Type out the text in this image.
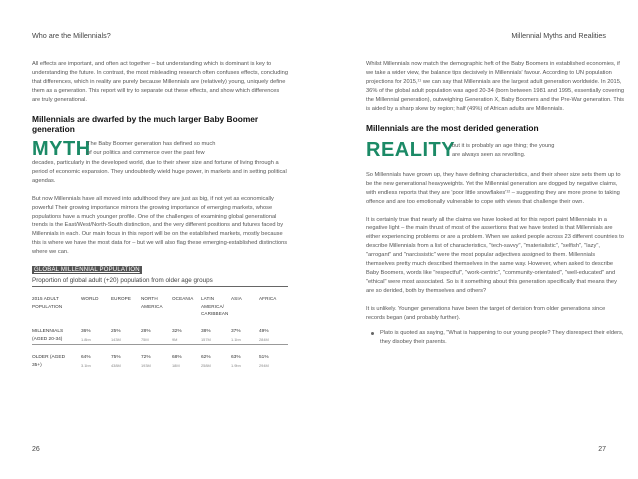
Who are the Millennials?

All effects are important, and often act together – but understanding which is dominant is key to understanding the future. In contrast, the most misleading research often confuses effects, concluding that differences, which in reality are purely because Millennials are (relatively) young, uniquely define them as a generation. This report will try to separate out these effects, and show which differences are truly generational.

Millennials are dwarfed by the much larger Baby Boomer generation
MYTH
The Baby Boomer generation has defined so much
of our politics and commerce over the past few

decades, particularly in the developed world, due to their sheer size and fortune of living through a period of economic expansion. They undoubtedly wield huge power, in markets and in setting political agendas.

But now Millennials have all moved into adulthood they are just as big, if not yet as economically powerful Their growing importance mirrors the growing importance of emerging markets, whose populations have a much younger profile. One of the challenges of examining global generational trends is the East/West/North-South distinction, and the very different positions and futures faced by Millennials in each. Our main focus in this report will be on the established markets, mostly because this is where we have the most data for – but we will also flag these emerging-established distinctions where we can.

GLOBAL MILLENNIAL POPULATION
Proportion of global adult (+20) population from older age groups
2015 ADULT	WORLD	EUROPE	NORTH	OCEANIA	LATIN	ASIA	AFRICA
POPULATION			AMERICA		AMERICA/		
					CARIBBEAN		

MILLENNIALS	36%	25%	28%	32%	38%	37%	49%
(AGED 20-34)	1.8bn	143M	75M	9M	157M	1.1bn	284M

OLDER (AGED	64%	75%	72%	68%	62%	63%	51%
35+)	3.1bn	438M	193M	18M	258M	1.9bn	294M
26
Millennial Myths and Realities

Whilst Millennials now match the demographic heft of the Baby Boomers in established economies, if we take a wider view, the balance tips decisively in Millennials' favour. According to UN population projections for 2015,¹¹ we can say that Millennials are the largest adult generation worldwide. In 2015, 36% of the global adult population was aged 20-34 (born between 1981 and 1995, essentially covering the Millennial generation), outweighing Generation X, Baby Boomers and the Pre-War generation. This is aided by a sharp skew by region; half (49%) of African adults are Millennials.

Millennials are the most derided generation
REALITY
but it is probably an age thing; the young
are always seen as revolting.

So Millennials have grown up, they have defining characteristics, and their sheer size sets them up to be the new generational heavyweights. Yet the Millennial generation are dogged by negative claims, with endless reports that they are 'poor little snowflakes'¹² – suggesting they are more prone to taking offence and are too emotionally vulnerable to cope with views that challenge their own.

It is certainly true that nearly all the claims we have looked at for this report paint Millennials in a negative light – the main thrust of most of the assertions that we have tested is that Millennials are either experiencing problems or are a problem. When we asked people across 23 different countries to describe Millennials from a list of characteristics, "tech-savvy", "materialistic", "selfish", "lazy", "arrogant" and "narcissistic" were the most popular adjectives assigned to them. Millennials themselves pretty much described themselves in the same way. However, when asked to describe Baby Boomers, words like "respectful", "work-centric", "community-orientated", "well-educated" and "ethical" were most associated. So is it something about this generation specifically that means they are so derided, both by themselves and others?

It is unlikely. Younger generations have been the target of derision from older generations since records began (and probably further).

Plato is quoted as saying, "What is happening to our young people? They disrespect their elders, they disobey their parents.

27
